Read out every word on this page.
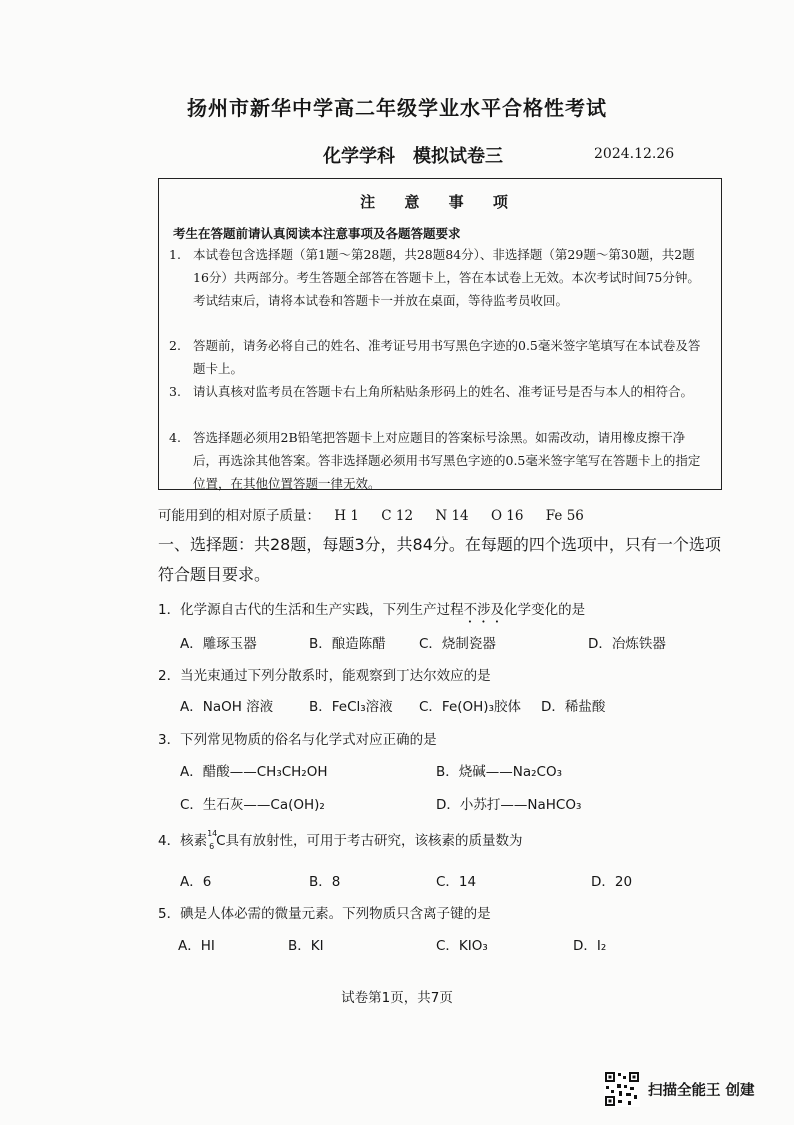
扬州市新华中学高二年级学业水平合格性考试
化学学科 模拟试卷三	2024.12.26
注 意 事 项
考生在答题前请认真阅读本注意事项及各题答题要求
1. 本试卷包含选择题（第1题～第28题，共28题84分）、非选择题（第29题～第30题，共2题16分）共两部分。考生答题全部答在答题卡上，答在本试卷上无效。本次考试时间75分钟。考试结束后，请将本试卷和答题卡一并放在桌面，等待监考员收回。
2. 答题前，请务必将自己的姓名、准考证号用书写黑色字迹的0.5毫米签字笔填写在本试卷及答题卡上。
3. 请认真核对监考员在答题卡右上角所粘贴条形码上的姓名、准考证号是否与本人的相符合。
4. 答选择题必须用2B铅笔把答题卡上对应题目的答案标号涂黑。如需改动，请用橡皮擦干净后，再选涂其他答案。答非选择题必须用书写黑色字迹的0.5毫米签字笔写在答题卡上的指定位置，在其他位置答题一律无效。
可能用到的相对原子质量： H 1 C 12 N 14 O 16 Fe 56
一、选择题：共28题，每题3分，共84分。在每题的四个选项中，只有一个选项符合题目要求。
1．化学源自古代的生活和生产实践，下列生产过程不涉及化学变化的是
A．雕琢玉器	B．酿造陈醋 C．烧制瓷器	D．冶炼铁器
2．当光束通过下列分散系时，能观察到丁达尔效应的是
A．NaOH 溶液	B．FeCl₃溶液 C．Fe(OH)₃胶体 D．稀盐酸
3．下列常见物质的俗名与化学式对应正确的是
A．醋酸——CH₃CH₂OH	B．烧碱——Na₂CO₃
C．生石灰——Ca(OH)₂	D．小苏打——NaHCO₃
4．核素 14
6 C具有放射性，可用于考古研究，该核素的质量数为
A．6	B．8	C．14	D．20
5．碘是人体必需的微量元素。下列物质只含离子键的是
A．HI	B．KI	C．KIO₃	D．I₂
试卷第1页，共7页
扫描全能王 创建
